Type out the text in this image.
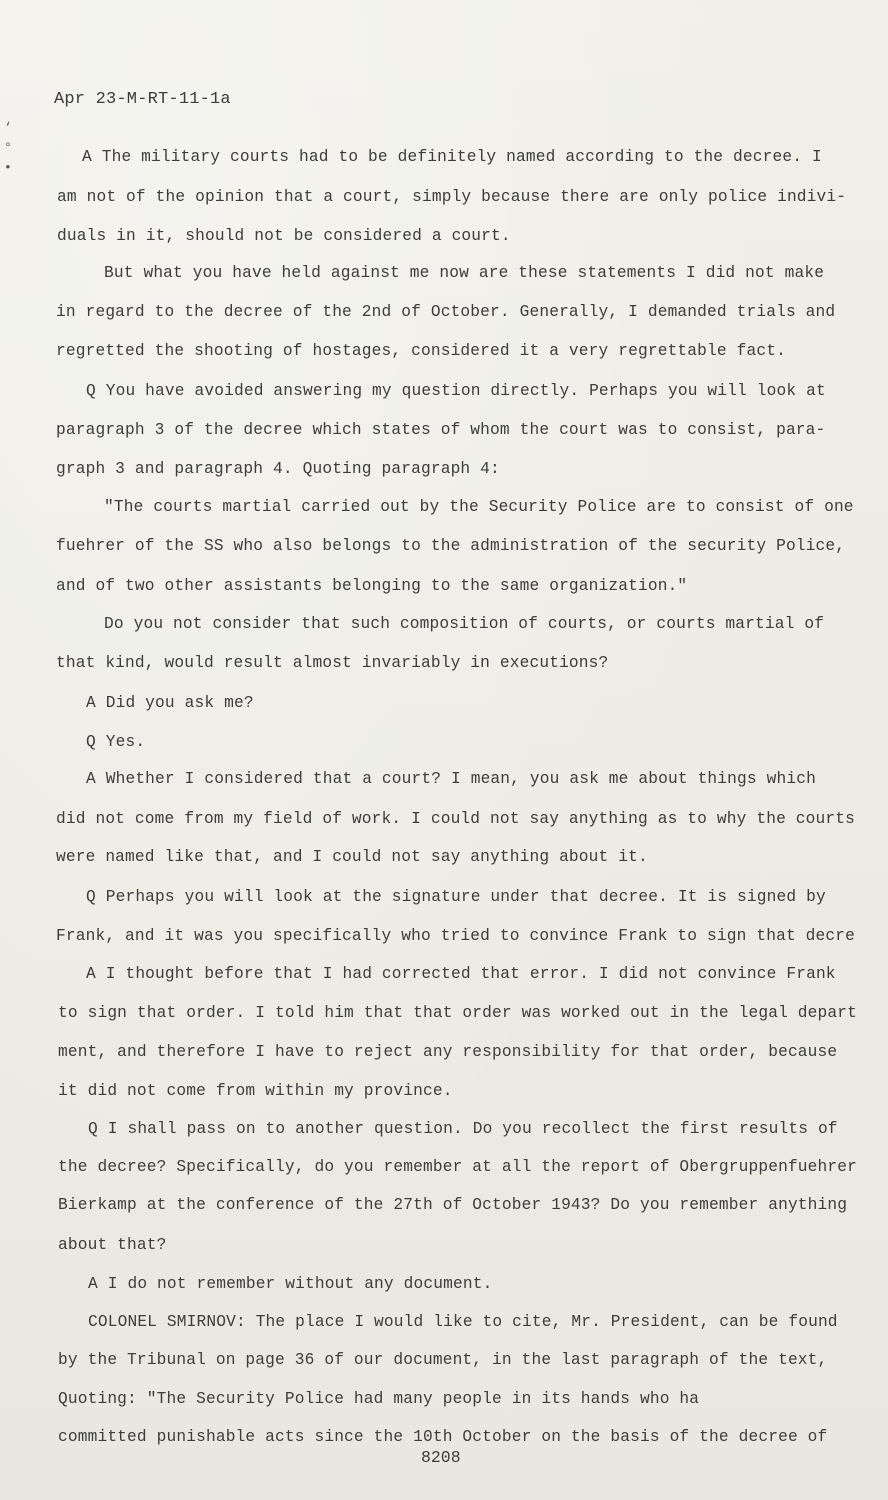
‘
°
•
Apr 23-M-RT-11-1a
A The military courts had to be definitely named according to the decree. I
am not of the opinion that a court, simply because there are only police indivi-
duals in it, should not be considered a court.
But what you have held against me now are these statements I did not make
in regard to the decree of the 2nd of October. Generally, I demanded trials and
regretted the shooting of hostages, considered it a very regrettable fact.
Q You have avoided answering my question directly. Perhaps you will look at
paragraph 3 of the decree which states of whom the court was to consist, para-
graph 3 and paragraph 4. Quoting paragraph 4:
"The courts martial carried out by the Security Police are to consist of one
fuehrer of the SS who also belongs to the administration of the security Police,
and of two other assistants belonging to the same organization."
Do you not consider that such composition of courts, or courts martial of
that kind, would result almost invariably in executions?
A Did you ask me?
Q Yes.
A Whether I considered that a court? I mean, you ask me about things which
did not come from my field of work. I could not say anything as to why the courts
were named like that, and I could not say anything about it.
Q Perhaps you will look at the signature under that decree. It is signed by
Frank, and it was you specifically who tried to convince Frank to sign that decre
A I thought before that I had corrected that error. I did not convince Frank
to sign that order. I told him that that order was worked out in the legal depart
ment, and therefore I have to reject any responsibility for that order, because
it did not come from within my province.
Q I shall pass on to another question. Do you recollect the first results of
the decree? Specifically, do you remember at all the report of Obergruppenfuehrer
Bierkamp at the conference of the 27th of October 1943? Do you remember anything
about that?
A I do not remember without any document.
COLONEL SMIRNOV: The place I would like to cite, Mr. President, can be found
by the Tribunal on page 36 of our document, in the last paragraph of the text,
Quoting: "The Security Police had many people in its hands who ha
committed punishable acts since the 10th October on the basis of the decree of
8208
